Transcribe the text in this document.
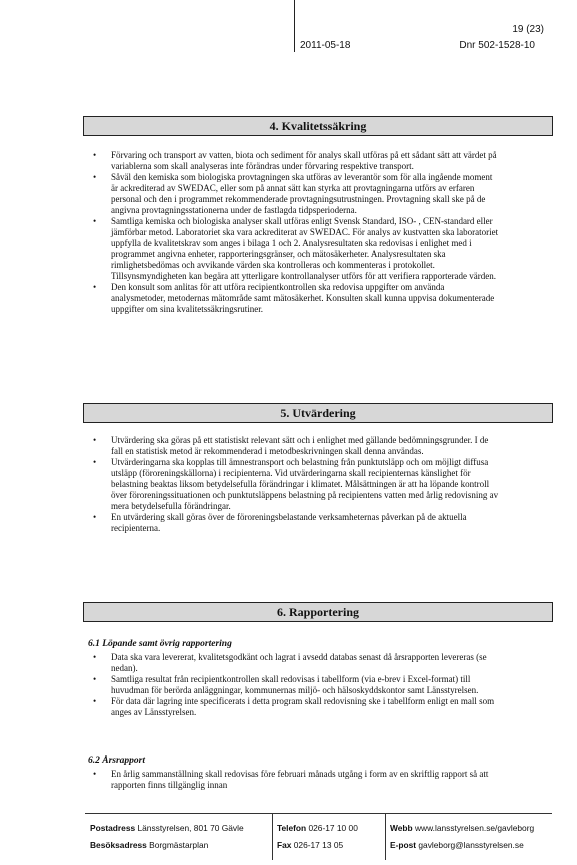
19 (23)
2011-05-18	Dnr 502-1528-10
4. Kvalitetssäkring
• Förvaring och transport av vatten, biota och sediment för analys skall utföras på ett sådant sätt att värdet på variablerna som skall analyseras inte förändras under förvaring respektive transport.
• Såväl den kemiska som biologiska provtagningen ska utföras av leverantör som för alla ingående moment är ackrediterad av SWEDAC, eller som på annat sätt kan styrka att provtagningarna utförs av erfaren personal och den i programmet rekommenderade provtagningsutrustningen. Provtagning skall ske på de angivna provtagningsstationerna under de fastlagda tidpsperioderna.
• Samtliga kemiska och biologiska analyser skall utföras enligt Svensk Standard, ISO- , CEN-standard eller jämförbar metod. Laboratoriet ska vara ackrediterat av SWEDAC. För analys av kustvatten ska laboratoriet uppfylla de kvalitetskrav som anges i bilaga 1 och 2. Analysresultaten ska redovisas i enlighet med i programmet angivna enheter, rapporteringsgränser, och mätosäkerheter. Analysresultaten ska rimlighetsbedömas och avvikande värden ska kontrolleras och kommenteras i protokollet. Tillsynsmyndigheten kan begära att ytterligare kontrollanalyser utförs för att verifiera rapporterade värden.
• Den konsult som anlitas för att utföra recipientkontrollen ska redovisa uppgifter om använda analysmetoder, metodernas mätområde samt mätosäkerhet. Konsulten skall kunna uppvisa dokumenterade uppgifter om sina kvalitetssäkringsrutiner.
5. Utvärdering
• Utvärdering ska göras på ett statistiskt relevant sätt och i enlighet med gällande bedömningsgrunder. I de fall en statistisk metod är rekommenderad i metodbeskrivningen skall denna användas.
• Utvärderingarna ska kopplas till ämnestransport och belastning från punktutsläpp och om möjligt diffusa utsläpp (föroreningskällorna) i recipienterna. Vid utvärderingarna skall recipienternas känslighet för belastning beaktas liksom betydelsefulla förändringar i klimatet. Målsättningen är att ha löpande kontroll över föroreningssituationen och punktutsläppens belastning på recipientens vatten med årlig redovisning av mera betydelsefulla förändringar.
• En utvärdering skall göras över de föroreningsbelastande verksamheternas påverkan på de aktuella recipienterna.
6. Rapportering
6.1 Löpande samt övrig rapportering
• Data ska vara levererat, kvalitetsgodkänt och lagrat i avsedd databas senast då årsrapporten levereras (se nedan).
• Samtliga resultat från recipientkontrollen skall redovisas i tabellform (via e-brev i Excel-format) till huvudman för berörda anläggningar, kommunernas miljö- och hälsoskyddskontor samt Länsstyrelsen.
• För data där lagring inte specificerats i detta program skall redovisning ske i tabellform enligt en mall som anges av Länsstyrelsen.
6.2 Årsrapport
• En årlig sammanställning skall redovisas före februari månads utgång i form av en skriftlig rapport så att rapporten finns tillgänglig innan
Postadress Länsstyrelsen, 801 70 Gävle
Besöksadress Borgmästarplan
Telefon 026-17 10 00
Fax 026-17 13 05
Webb www.lansstyrelsen.se/gavleborg
E-post gavleborg@lansstyrelsen.se
